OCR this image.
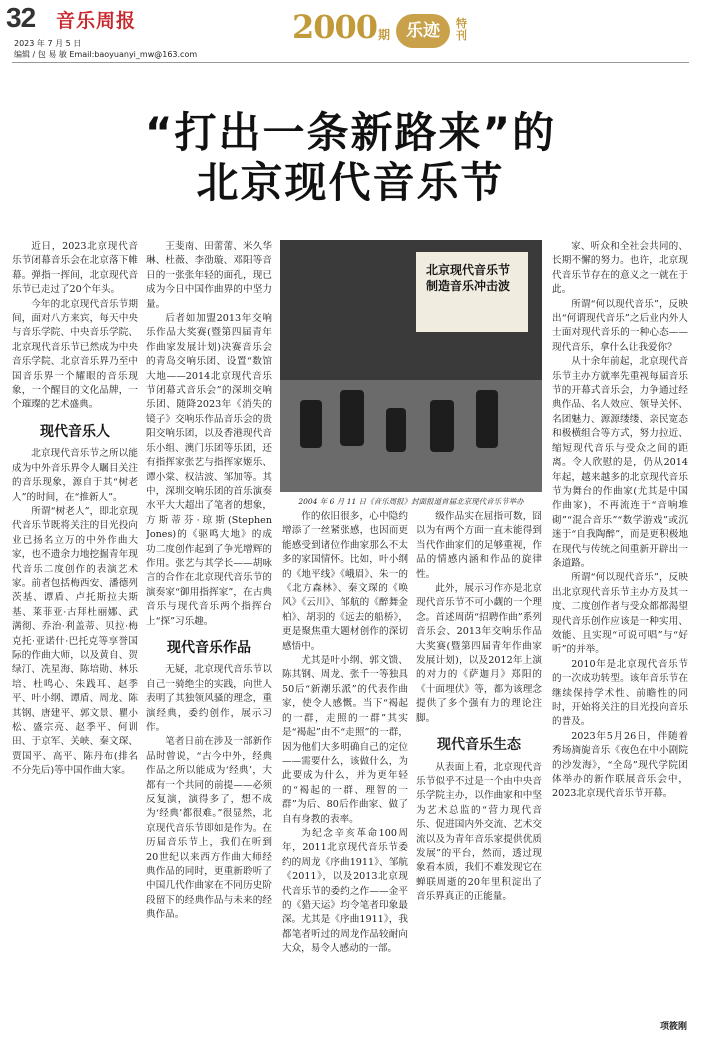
32 音乐周报
2023 年 7 月 5 日
编辑 / 包 易 敏 Email:baoyuanyi_mw@163.com
2000 期 乐迹	特刊
“打出一条新路来”的
北京现代音乐节

近日，2023北京现代音乐节闭幕音乐会在北京落下帷幕。弹指一挥间，北京现代音乐节已走过了20个年头。

今年的北京现代音乐节期间，面对八方来宾，每天中央与音乐学院、中央音乐学院、北京现代音乐节已然成为中央音乐学院、北京音乐界乃至中国音乐界一个耀眼的音乐现象，一个醒目的文化品牌，一个璀璨的艺术盛典。

现代音乐人

北京现代音乐节之所以能成为中外音乐界令人瞩目关注的音乐现象，源自于其“树老人”的时间，在“推新人”。

所谓“树老人”，即北京现代音乐节既将关注的目光投向业已扬名立万的中外作曲大家，也不遗余力地挖掘青年现代音乐二度创作的表演艺术家。前者包括梅西安、潘德列茨基、谭盾、卢托斯拉夫斯基、莱菲亚·古拜杜丽娜、武满彻、乔治·利盖蒂、贝拉·梅克托·亚诺什·巴托克等享誉国际的作曲大师，以及黄自、贺绿汀、冼星海、陈培勋、林乐培、杜鸣心、朱践耳、赵季平、叶小纲、谭盾、周龙、陈其钢、唐建平、郭文景、瞿小松、盛宗亮、赵季平、何训田、于京军、关峡、秦文琛、贾国平、高平、陈丹布(排名不分先后)等中国作曲大家。

王斐南、田蕾蕾、米久华琳、杜薇、李劭璇、邓阳等音日的一张张年轻的面孔，现已成为今日中国作曲界的中坚力量。

后者如加盟2013年交响乐作品大奖赛(暨第四届青年作曲家发展计划)决赛音乐会的青岛交响乐团、设置“数馆大地——2014北京现代音乐节闭幕式音乐会”的深圳交响乐团、随降2023年《消失的镜子》交响乐作品音乐会的贵阳交响乐团，以及香港现代音乐小组、澳门乐团等乐团，还有指挥家张艺与指挥家姬乐、谭小棠、权洁波、邹加等。其中，深圳交响乐团的首乐演奏水平大大超出了笔者的想象，方斯蒂芬·琼斯(Stephen Jones)的《驱鸣大地》的成功二度创作起到了争光增辉的作用。张艺与其学长——胡咏言的合作在北京现代音乐节的演奏家“御用指挥家”，在古典音乐与现代音乐两个指挥台上“探”习乐趣。

现代音乐作品

无疑，北京现代音乐节以自己一骑绝尘的实践，向世人表明了其独领风骚的理念，重演经典，委约创作，展示习作。

笔者日前在涉及一部新作品时曾说，“古今中外，经典作品之所以能成为‘经典’，大都有一个共同的前提——必须反复演，演得多了，想不成为‘经典’都很难。”很显然，北京现代音乐节即如是作为。在历届音乐节上，我们在听到20世纪以来西方作曲大师经典作品的同时，更重新聆听了中国几代作曲家在不同历史阶段留下的经典作品与未来的经典作品。

北京现代音乐节 制造音乐冲击波
2004 年 6 月 11 日《音乐周报》封面报道首届北京现代音乐节举办

作的依旧很多，心中隐约增添了一丝紧张感，也因而更能感受到诸位作曲家那么不太多的家国情怀。比如，叶小纲的《地平线》《峨眉》、朱一的《北方森林》、秦文琛的《唤风》《云川》、邹航的《醉舞金柏》、胡羽的《远去的船桥》，更是聚焦重大题材创作的深切感悟中。

尤其是叶小纲、郭文馈、陈其钢、周龙、张千一等独具50后“新潮乐派”的代表作曲家，使令人感慨。当下“褐起的一群，走照的一群”其实是“褐起”由不“走照”的一群，因为他们大多明确自己的定位——需要什么，该做什么，为此要成为什么，并为更年轻的“褐起的一群、理智的一群”为后、80后作曲家、做了自有身教的表率。

为纪念辛亥革命100周年，2011北京现代音乐节委约的周龙《序曲1911》、邹航《2011》，以及2013北京现代音乐节的委约之作——金平的《猎天运》均令笔者印象最深。尤其是《序曲1911》，我都笔者听过的周龙作品较耐向大众，易令人感动的一部。

级作品实在屈指可数，囧以为有两个方面一直未能得到当代作曲家们的足够重视，作品的情感内涵和作品的旋律性。

此外，展示习作亦是北京现代音乐节不可小觑的一个理念。首述周荫“招聘作曲”系列音乐会、2013年交响乐作品大奖赛(暨第四届青年作曲家发展计划)，以及2012年上演的对力的《萨迦月》郑阳的《十面埋伏》等，都为该理念提供了多个强有力的理论注脚。

现代音乐生态

从表面上看，北京现代音乐节似乎不过是一个由中央音乐学院主办，以作曲家和中坚为艺术总监的“营力现代音乐、促进国内外交流、艺术交流以及为青年音乐家提供优质发展”的平台，然而，透过现象看本质，我们不难发现它在蝉联周逝的20年里积淀出了音乐界真正的正能量。

家、听众和全社会共同的、长期不懈的努力。也许，北京现代音乐节存在的意义之一就在于此。

所谓“何以现代音乐”，反映出“何谓现代音乐”之后业内外人士面对现代音乐的一种心态——现代音乐，拿什么让我爱你？

从十余年前起，北京现代音乐节主办方就率先重视每届音乐节的开幕式音乐会，力争通过经典作品、名人效应、领导关怀、名团魅力、源源缕缕、亲民宽态和极横组合等方式，努力拉近、缩短现代音乐与受众之间的距离。令人欣慰的是，仍从2014年起，越来越多的北京现代音乐节为舞台的作曲家(尤其是中国作曲家)，不再流连于“音响堆砌”“混合音乐”“数学游戏”或沉迷于“自我陶醉”，而是更积极地在现代与传统之间重新开辟出一条道路。

所谓“何以现代音乐”，反映出北京现代音乐节主办方及其一度、二度创作者与受众都都渴望现代音乐创作应该是一种实用、效能、且实现“可说可唱”与“好听”的并举。

2010年是北京现代音乐节的一次成功转型。该年音乐节在继续保持学术性、前瞻性的同时，开始将关注的目光投向音乐的普及。

2023年5月26日，伴随着秀场旖旎音乐《夜色在中小剧院的沙发海》，“全岛”现代学院团体举办的新作联展音乐会中，2023北京现代音乐节开幕。

项筱刚
